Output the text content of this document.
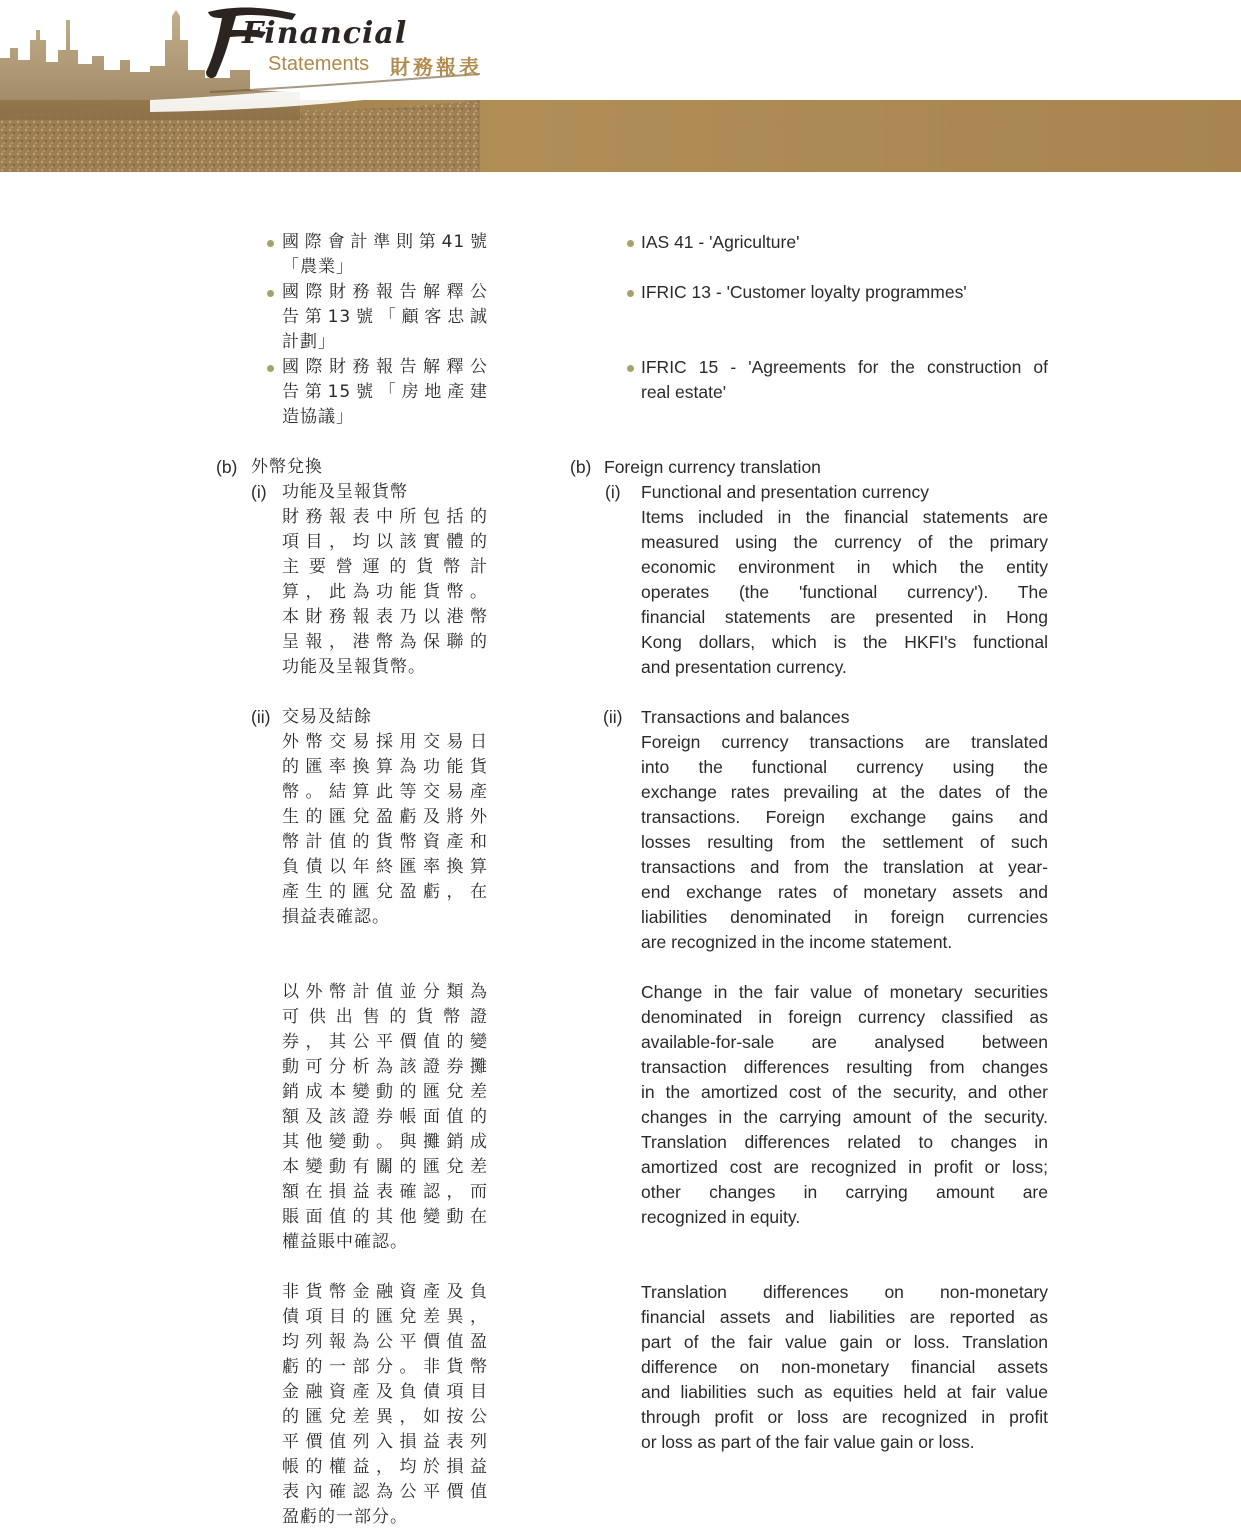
Financial
Statements 財務報表

國際會計準則第41號

「農業」

國際財務報告解釋公

告第13號「顧客忠誠

計劃」

國際財務報告解釋公

告第15號「房地產建

造協議」

(b) 外幣兌換

(i) 功能及呈報貨幣

財務報表中所包括的

項目，均以該實體的

主要營運的貨幣計

算，此為功能貨幣。

本財務報表乃以港幣

呈報，港幣為保聯的

功能及呈報貨幣。

(ii) 交易及結餘

外幣交易採用交易日

的匯率換算為功能貨

幣。結算此等交易產

生的匯兌盈虧及將外

幣計值的貨幣資產和

負債以年終匯率換算

產生的匯兌盈虧，在

損益表確認。

以外幣計值並分類為

可供出售的貨幣證

券，其公平價值的變

動可分析為該證券攤

銷成本變動的匯兌差

額及該證券帳面值的

其他變動。與攤銷成

本變動有關的匯兌差

額在損益表確認，而

賬面值的其他變動在

權益賬中確認。

非貨幣金融資產及負

債項目的匯兌差異，

均列報為公平價值盈

虧的一部分。非貨幣

金融資產及負債項目

的匯兌差異，如按公

平價值列入損益表列

帳的權益，均於損益

表內確認為公平價值

盈虧的一部分。

IAS 41 - 'Agriculture'

IFRIC 13 - 'Customer loyalty programmes'

IFRIC 15 - 'Agreements for the construction of

real estate'

(b) Foreign currency translation

(i) Functional and presentation currency

Items included in the financial statements are

measured using the currency of the primary

economic environment in which the entity

operates (the 'functional currency'). The

financial statements are presented in Hong

Kong dollars, which is the HKFI's functional

and presentation currency.

(ii) Transactions and balances

Foreign currency transactions are translated

into the functional currency using the

exchange rates prevailing at the dates of the

transactions. Foreign exchange gains and

losses resulting from the settlement of such

transactions and from the translation at year-

end exchange rates of monetary assets and

liabilities denominated in foreign currencies

are recognized in the income statement.

Change in the fair value of monetary securities

denominated in foreign currency classified as

available-for-sale are analysed between

transaction differences resulting from changes

in the amortized cost of the security, and other

changes in the carrying amount of the security.

Translation differences related to changes in

amortized cost are recognized in profit or loss;

other changes in carrying amount are

recognized in equity.

Translation differences on non-monetary

financial assets and liabilities are reported as

part of the fair value gain or loss. Translation

difference on non-monetary financial assets

and liabilities such as equities held at fair value

through profit or loss are recognized in profit

or loss as part of the fair value gain or loss.
